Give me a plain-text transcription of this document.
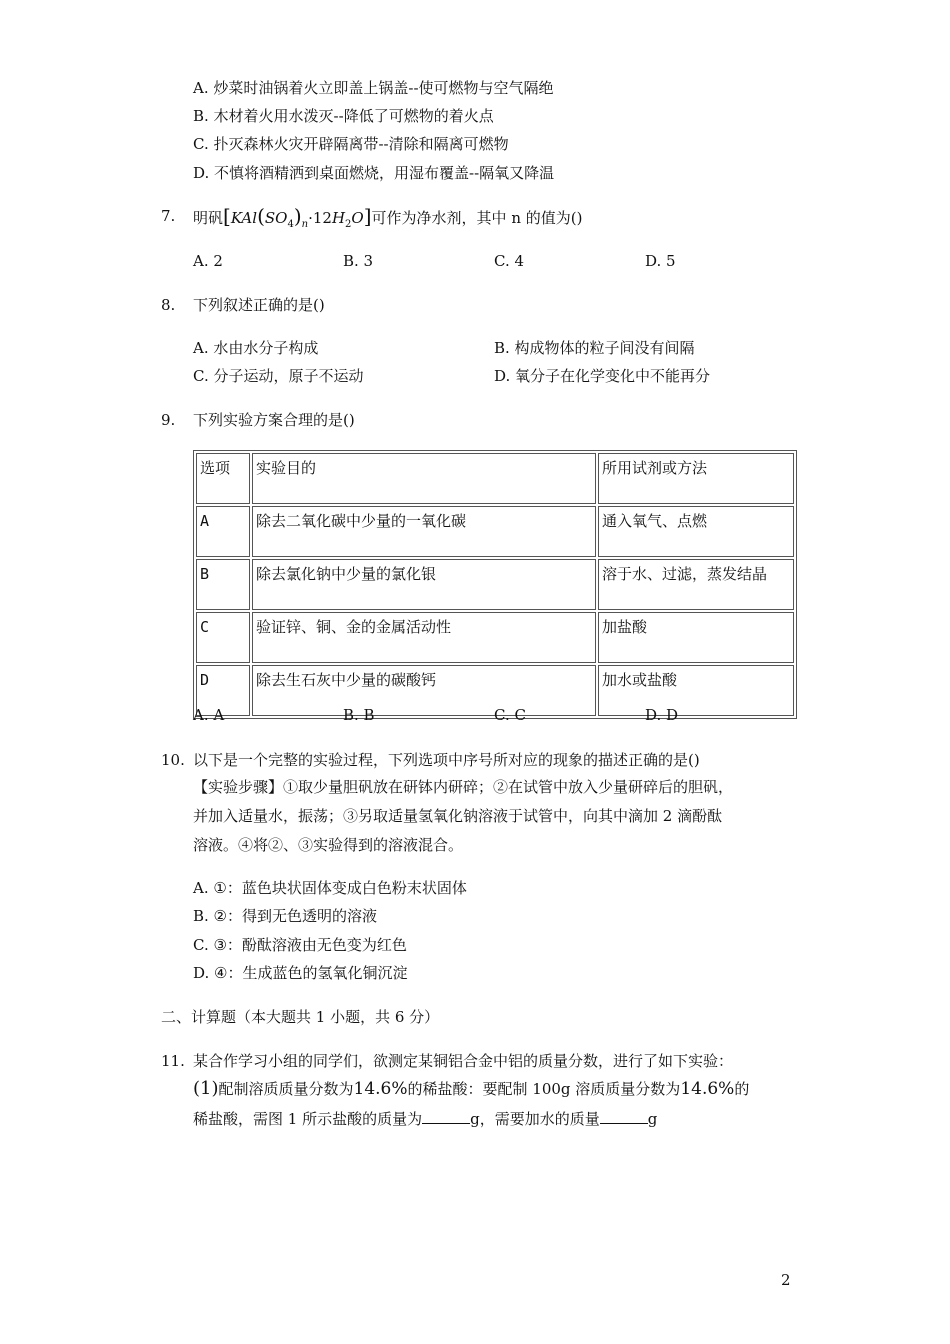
A. 炒菜时油锅着火立即盖上锅盖--使可燃物与空气隔绝
B. 木材着火用水泼灭--降低了可燃物的着火点
C. 扑灭森林火灾开辟隔离带--清除和隔离可燃物
D. 不慎将酒精洒到桌面燃烧，用湿布覆盖--隔氧又降温
7. 明矾$[KAl(SO_4)_n\cdot 12H_2O]$可作为净水剂，其中 n 的值为()
A. 2	B. 3	C. 4	D. 5
8. 下列叙述正确的是()
A. 水由水分子构成	B. 构成物体的粒子间没有间隔
C. 分子运动，原子不运动	D. 氧分子在化学变化中不能再分
9. 下列实验方案合理的是()
选项	实验目的	所用试剂或方法
A	除去二氧化碳中少量的一氧化碳	通入氧气、点燃
B	除去氯化钠中少量的氯化银	溶于水、过滤，蒸发结晶
C	验证锌、铜、金的金属活动性	加盐酸
D	除去生石灰中少量的碳酸钙	加水或盐酸
A. A	B. B	C. C	D. D
10. 以下是一个完整的实验过程，下列选项中序号所对应的现象的描述正确的是()
【实验步骤】①取少量胆矾放在研钵内研碎；②在试管中放入少量研碎后的胆矾，
并加入适量水，振荡；③另取适量氢氧化钠溶液于试管中，向其中滴加 2 滴酚酞
溶液。④将②、③实验得到的溶液混合。
A. ①：蓝色块状固体变成白色粉末状固体
B. ②：得到无色透明的溶液
C. ③：酚酞溶液由无色变为红色
D. ④：生成蓝色的氢氧化铜沉淀
二、计算题（本大题共 1 小题，共 6 分）
11. 某合作学习小组的同学们，欲测定某铜铝合金中铝的质量分数，进行了如下实验：
(1)配制溶质质量分数为14.6%的稀盐酸：要配制 100g 溶质质量分数为14.6%的
稀盐酸，需图 1 所示盐酸的质量为	g，需要加水的质量	g
2
